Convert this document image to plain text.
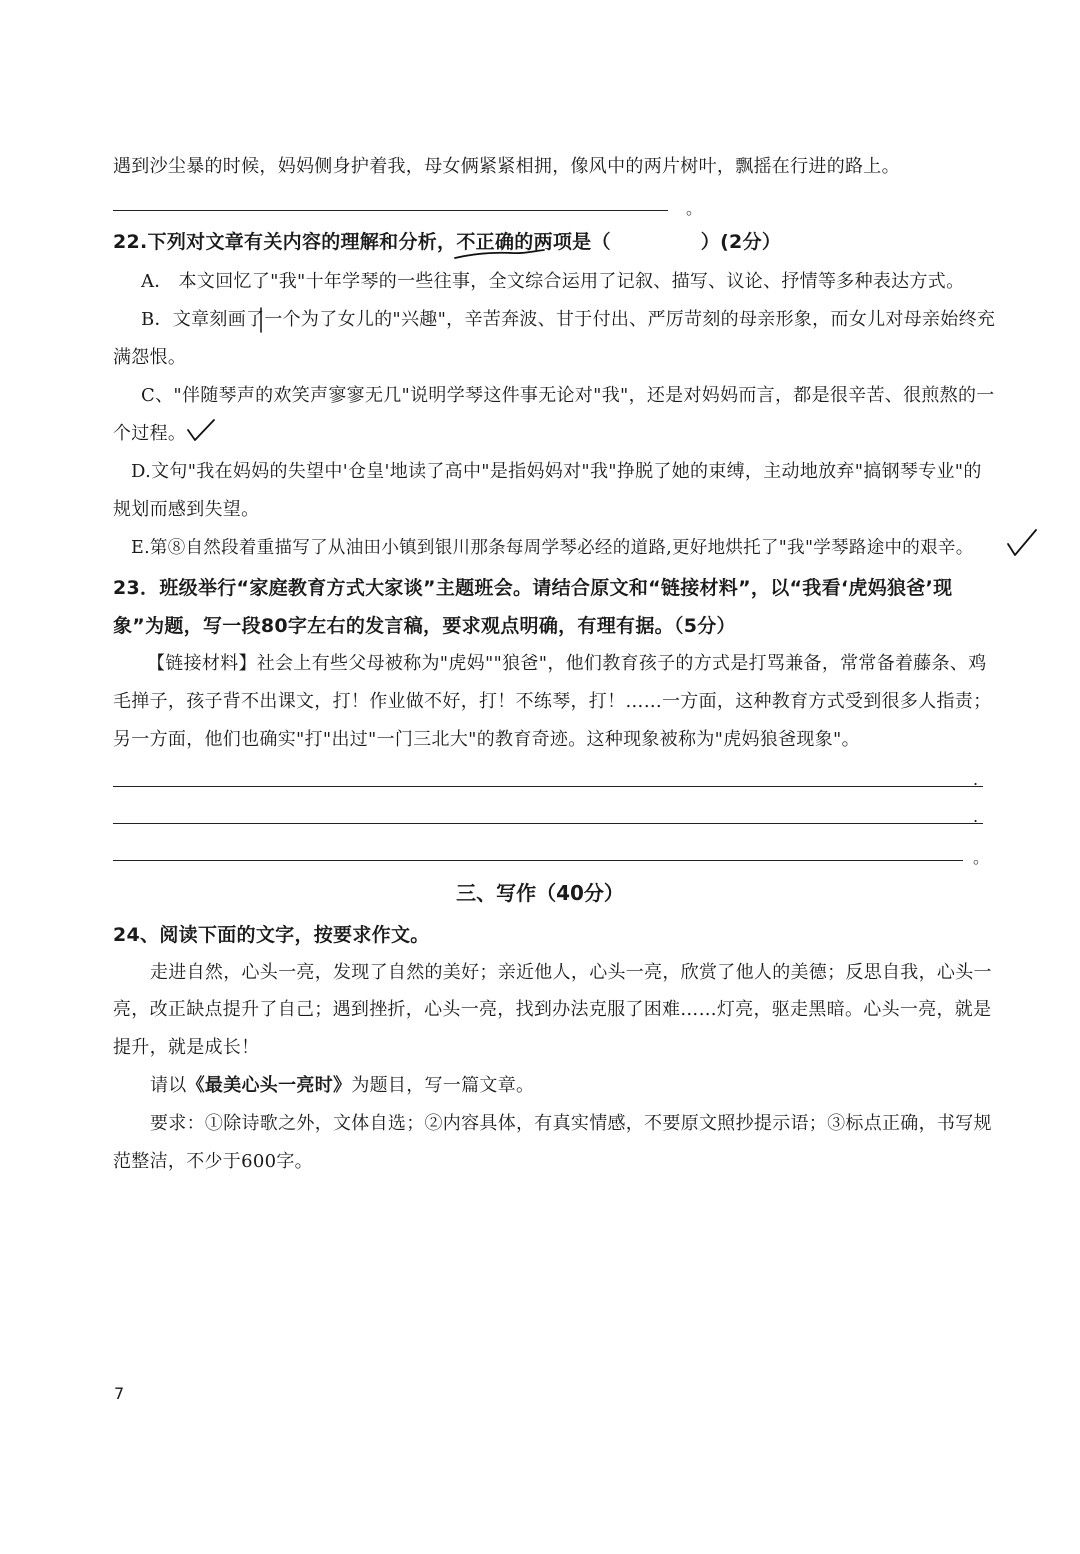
遇到沙尘暴的时候，妈妈侧身护着我，母女俩紧紧相拥，像风中的两片树叶，飘摇在行进的路上。
。
22.下列对文章有关内容的理解和分析，不正确的两项是（	）(2分）
A． 本文回忆了"我"十年学琴的一些往事，全文综合运用了记叙、描写、议论、抒情等多种表达方式。
B．文章刻画了一个为了女儿的"兴趣"，辛苦奔波、甘于付出、严厉苛刻的母亲形象，而女儿对母亲始终充
满怨恨。
C、"伴随琴声的欢笑声寥寥无几"说明学琴这件事无论对"我"，还是对妈妈而言，都是很辛苦、很煎熬的一
个过程。
D.文句"我在妈妈的失望中'仓皇'地读了高中"是指妈妈对"我"挣脱了她的束缚，主动地放弃"搞钢琴专业"的
规划而感到失望。
E.第⑧自然段着重描写了从油田小镇到银川那条每周学琴必经的道路,更好地烘托了"我"学琴路途中的艰辛。
23．班级举行“家庭教育方式大家谈”主题班会。请结合原文和“链接材料”，以“我看‘虎妈狼爸’现
象”为题，写一段80字左右的发言稿，要求观点明确，有理有据。（5分）
【链接材料】社会上有些父母被称为"虎妈""狼爸"，他们教育孩子的方式是打骂兼备，常常备着藤条、鸡
毛掸子，孩子背不出课文，打！作业做不好，打！不练琴，打！……一方面，这种教育方式受到很多人指责；
另一方面，他们也确实"打"出过"一门三北大"的教育奇迹。这种现象被称为"虎妈狼爸现象"。
.
.
。
三、写作（40分）
24、阅读下面的文字，按要求作文。
走进自然，心头一亮，发现了自然的美好；亲近他人，心头一亮，欣赏了他人的美德；反思自我，心头一
亮，改正缺点提升了自己；遇到挫折，心头一亮，找到办法克服了困难……灯亮，驱走黑暗。心头一亮，就是
提升，就是成长！
请以《最美心头一亮时》为题目，写一篇文章。
要求：①除诗歌之外，文体自选；②内容具体，有真实情感，不要原文照抄提示语；③标点正确，书写规
范整洁，不少于600字。
7
